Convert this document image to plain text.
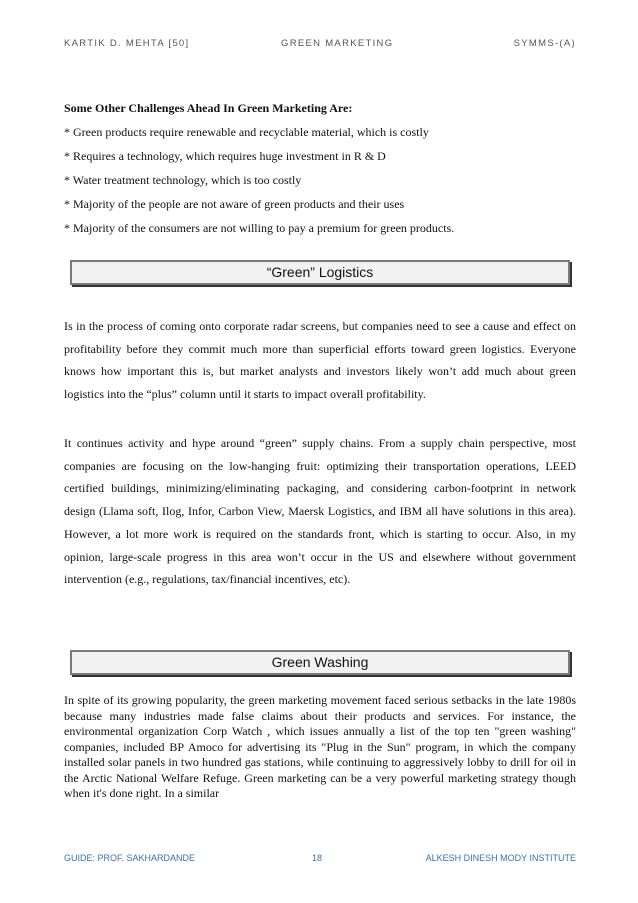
KARTIK D. MEHTA [50]	GREEN MARKETING	SYMMS-(A)

Some Other Challenges Ahead In Green Marketing Are:

* Green products require renewable and recyclable material, which is costly

* Requires a technology, which requires huge investment in R & D

* Water treatment technology, which is too costly

* Majority of the people are not aware of green products and their uses

* Majority of the consumers are not willing to pay a premium for green products.

“Green” Logistics

Is in the process of coming onto corporate radar screens, but companies need to see a cause and effect on profitability before they commit much more than superficial efforts toward green logistics. Everyone knows how important this is, but market analysts and investors likely won’t add much about green logistics into the “plus” column until it starts to impact overall profitability.

It continues activity and hype around “green” supply chains. From a supply chain perspective, most companies are focusing on the low-hanging fruit: optimizing their transportation operations, LEED certified buildings, minimizing/eliminating packaging, and considering carbon-footprint in network design (Llama soft, Ilog, Infor, Carbon View, Maersk Logistics, and IBM all have solutions in this area). However, a lot more work is required on the standards front, which is starting to occur. Also, in my opinion, large-scale progress in this area won’t occur in the US and elsewhere without government intervention (e.g., regulations, tax/financial incentives, etc).

Green Washing

In spite of its growing popularity, the green marketing movement faced serious setbacks in the late 1980s because many industries made false claims about their products and services. For instance, the environmental organization Corp Watch , which issues annually a list of the top ten "green washing" companies, included BP Amoco for advertising its "Plug in the Sun" program, in which the company installed solar panels in two hundred gas stations, while continuing to aggressively lobby to drill for oil in the Arctic National Welfare Refuge. Green marketing can be a very powerful marketing strategy though when it's done right. In a similar

GUIDE: PROF. SAKHARDANDE	18	ALKESH DINESH MODY INSTITUTE
